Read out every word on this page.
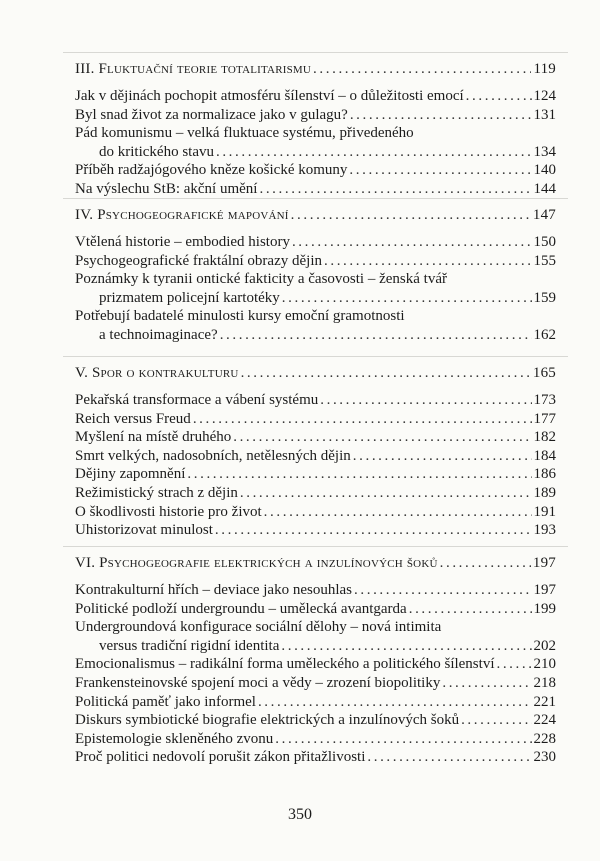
III. Fluktuační teorie totalitarismu .....	119
Jak v dějinách pochopit atmosféru šílenství – o důležitosti emocí .....	124
Byl snad život za normalizace jako v gulagu? .....	131
Pád komunismu – velká fluktuace systému, přivedeného
do kritického stavu .....	134
Příběh radžajógového kněze košické komuny .....	140
Na výslechu StB: akční umění .....	144
IV. Psychogeografické mapování .....	147
Vtělená historie – embodied history .....	150
Psychogeografické fraktální obrazy dějin .....	155
Poznámky k tyranii ontické fakticity a časovosti – ženská tvář
prizmatem policejní kartotéky .....	159
Potřebují badatelé minulosti kursy emoční gramotnosti
a technoimaginace? .....	162
V. Spor o kontrakulturu .....	165
Pekařská transformace a vábení systému .....	173
Reich versus Freud .....	177
Myšlení na místě druhého .....	182
Smrt velkých, nadosobních, netělesných dějin .....	184
Dějiny zapomnění .....	186
Režimistický strach z dějin .....	189
O škodlivosti historie pro život .....	191
Uhistorizovat minulost .....	193
VI. Psychogeografie elektrických a inzulínových šoků .....	197
Kontrakulturní hřích – deviace jako nesouhlas .....	197
Politické podloží undergroundu – umělecká avantgarda .....	199
Undergroundová konfigurace sociální dělohy – nová intimita
versus tradiční rigidní identita .....	202
Emocionalismus – radikální forma uměleckého a politického šílenství .....	210
Frankensteinovské spojení moci a vědy – zrození biopolitiky .....	218
Politická paměť jako informel .....	221
Diskurs symbiotické biografie elektrických a inzulínových šoků .....	224
Epistemologie skleněného zvonu .....	228
Proč politici nedovolí porušit zákon přitažlivosti .....	230
350
